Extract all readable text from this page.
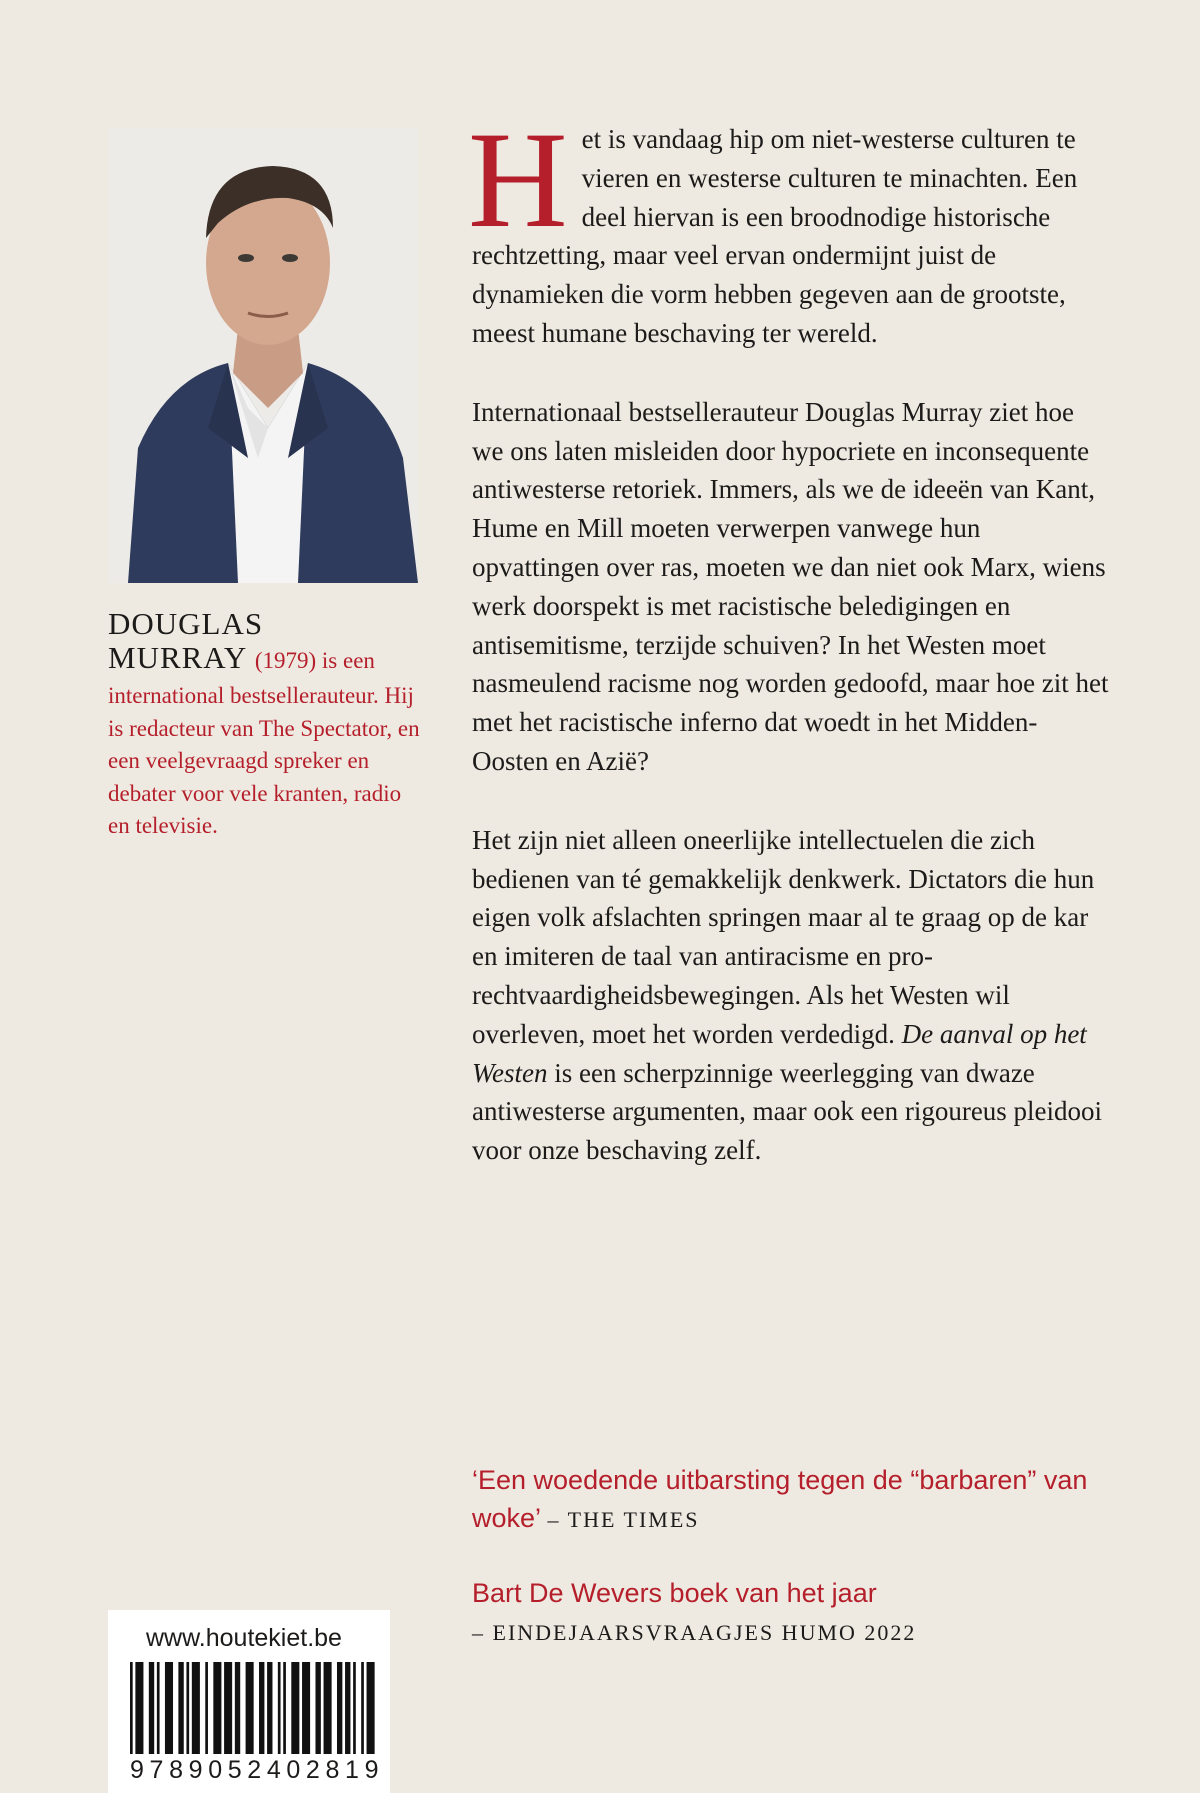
DOUGLAS
MURRAY (1979) is een
international bestsellerauteur. Hij is redacteur van The Spectator, en een veelgevraagd spreker en debater voor vele kranten, radio en televisie.

H et is vandaag hip om niet-westerse culturen te vieren en westerse culturen te minachten. Een deel hiervan is een broodnodige historische rechtzetting, maar veel ervan ondermijnt juist de dynamieken die vorm hebben gegeven aan de grootste, meest humane beschaving ter wereld.

Internationaal bestsellerauteur Douglas Murray ziet hoe we ons laten misleiden door hypocriete en inconsequente antiwesterse retoriek. Immers, als we de ideeën van Kant, Hume en Mill moeten verwerpen vanwege hun opvattingen over ras, moeten we dan niet ook Marx, wiens werk doorspekt is met racistische beledigingen en antisemitisme, terzijde schuiven? In het Westen moet nasmeulend racisme nog worden gedoofd, maar hoe zit het met het racistische inferno dat woedt in het Midden-Oosten en Azië?

Het zijn niet alleen oneerlijke intellectuelen die zich bedienen van té gemakkelijk denkwerk. Dictators die hun eigen volk afslachten springen maar al te graag op de kar en imiteren de taal van antiracisme en pro-rechtvaardigheidsbewegingen. Als het Westen wil overleven, moet het worden verdedigd. De aanval op het Westen is een scherpzinnige weerlegging van dwaze antiwesterse argumenten, maar ook een rigoureus pleidooi voor onze beschaving zelf.

‘Een woedende uitbarsting tegen de “barbaren” van woke’ – THE TIMES
Bart De Wevers boek van het jaar
– EINDEJAARSVRAAGJES HUMO 2022
www.houtekiet.be
9 7 8 9 0 5 2 4 0 2 8 1 9
